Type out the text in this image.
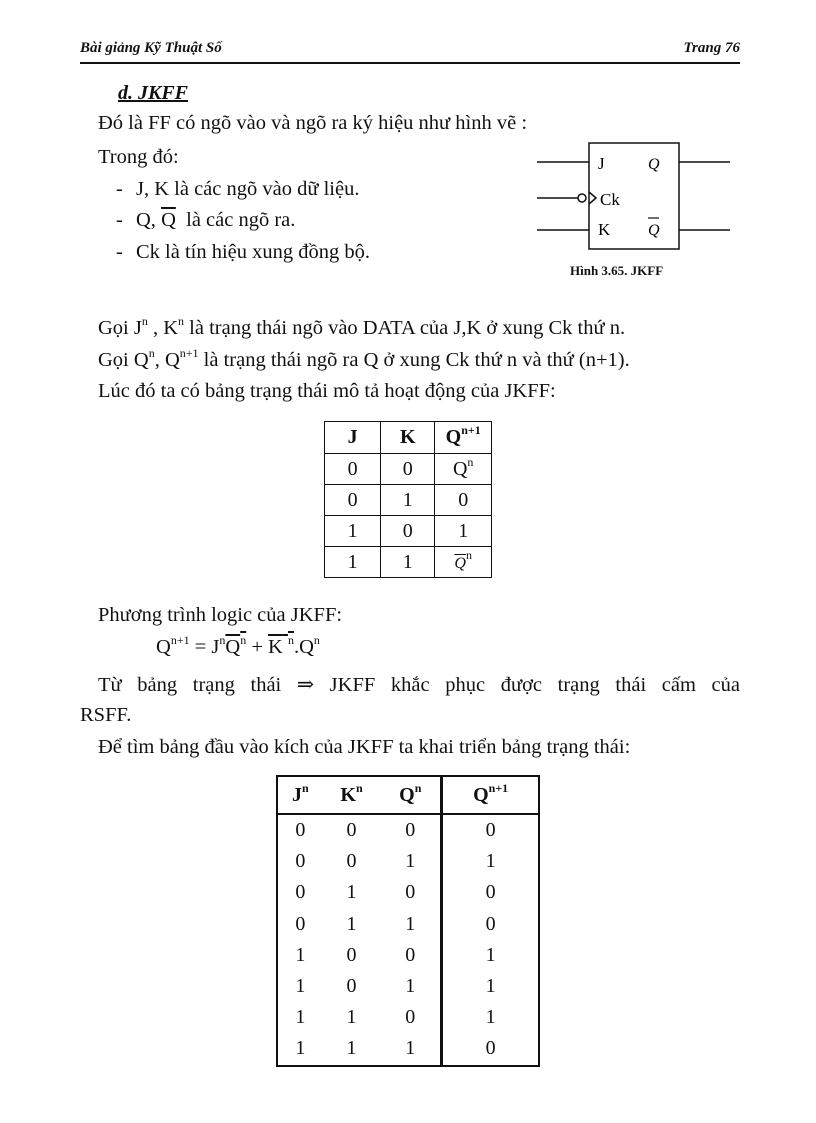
Bài giảng Kỹ Thuật Số	Trang 76
d. JKFF
Đó là FF có ngõ vào và ngõ ra ký hiệu như hình vẽ :
Trong đó:
- J, K là các ngõ vào dữ liệu.
- Q, $\overline{Q}$ là các ngõ ra.
- Ck là tín hiệu xung đồng bộ.
J
Ck
K
Q
Q
Hình 3.65. JKFF
Gọi $J^n$ , $K^n$ là trạng thái ngõ vào DATA của J,K ở xung Ck thứ n.
Gọi $Q^n$, $Q^{n+1}$ là trạng thái ngõ ra Q ở xung Ck thứ n và thứ (n+1).
Lúc đó ta có bảng trạng thái mô tả hoạt động của JKFF:
J	K	$Q^{n+1}$
0	0	$Q^n$
0	1	0
1	0	1
1	1	$\overline{Q}^n$
Phương trình logic của JKFF:
$Q^{n+1} = J^nQ^n + K$ $^n.Q^n$
Từ bảng trạng thái ⇒ JKFF khắc phục được trạng thái cấm của
RSFF.
Để tìm bảng đầu vào kích của JKFF ta khai triển bảng trạng thái:
$J^n$	$K^n$	$Q^n$	$Q^{n+1}$
0	0	0	0
0	0	1	1
0	1	0	0
0	1	1	0
1	0	0	1
1	0	1	1
1	1	0	1
1	1	1	0
